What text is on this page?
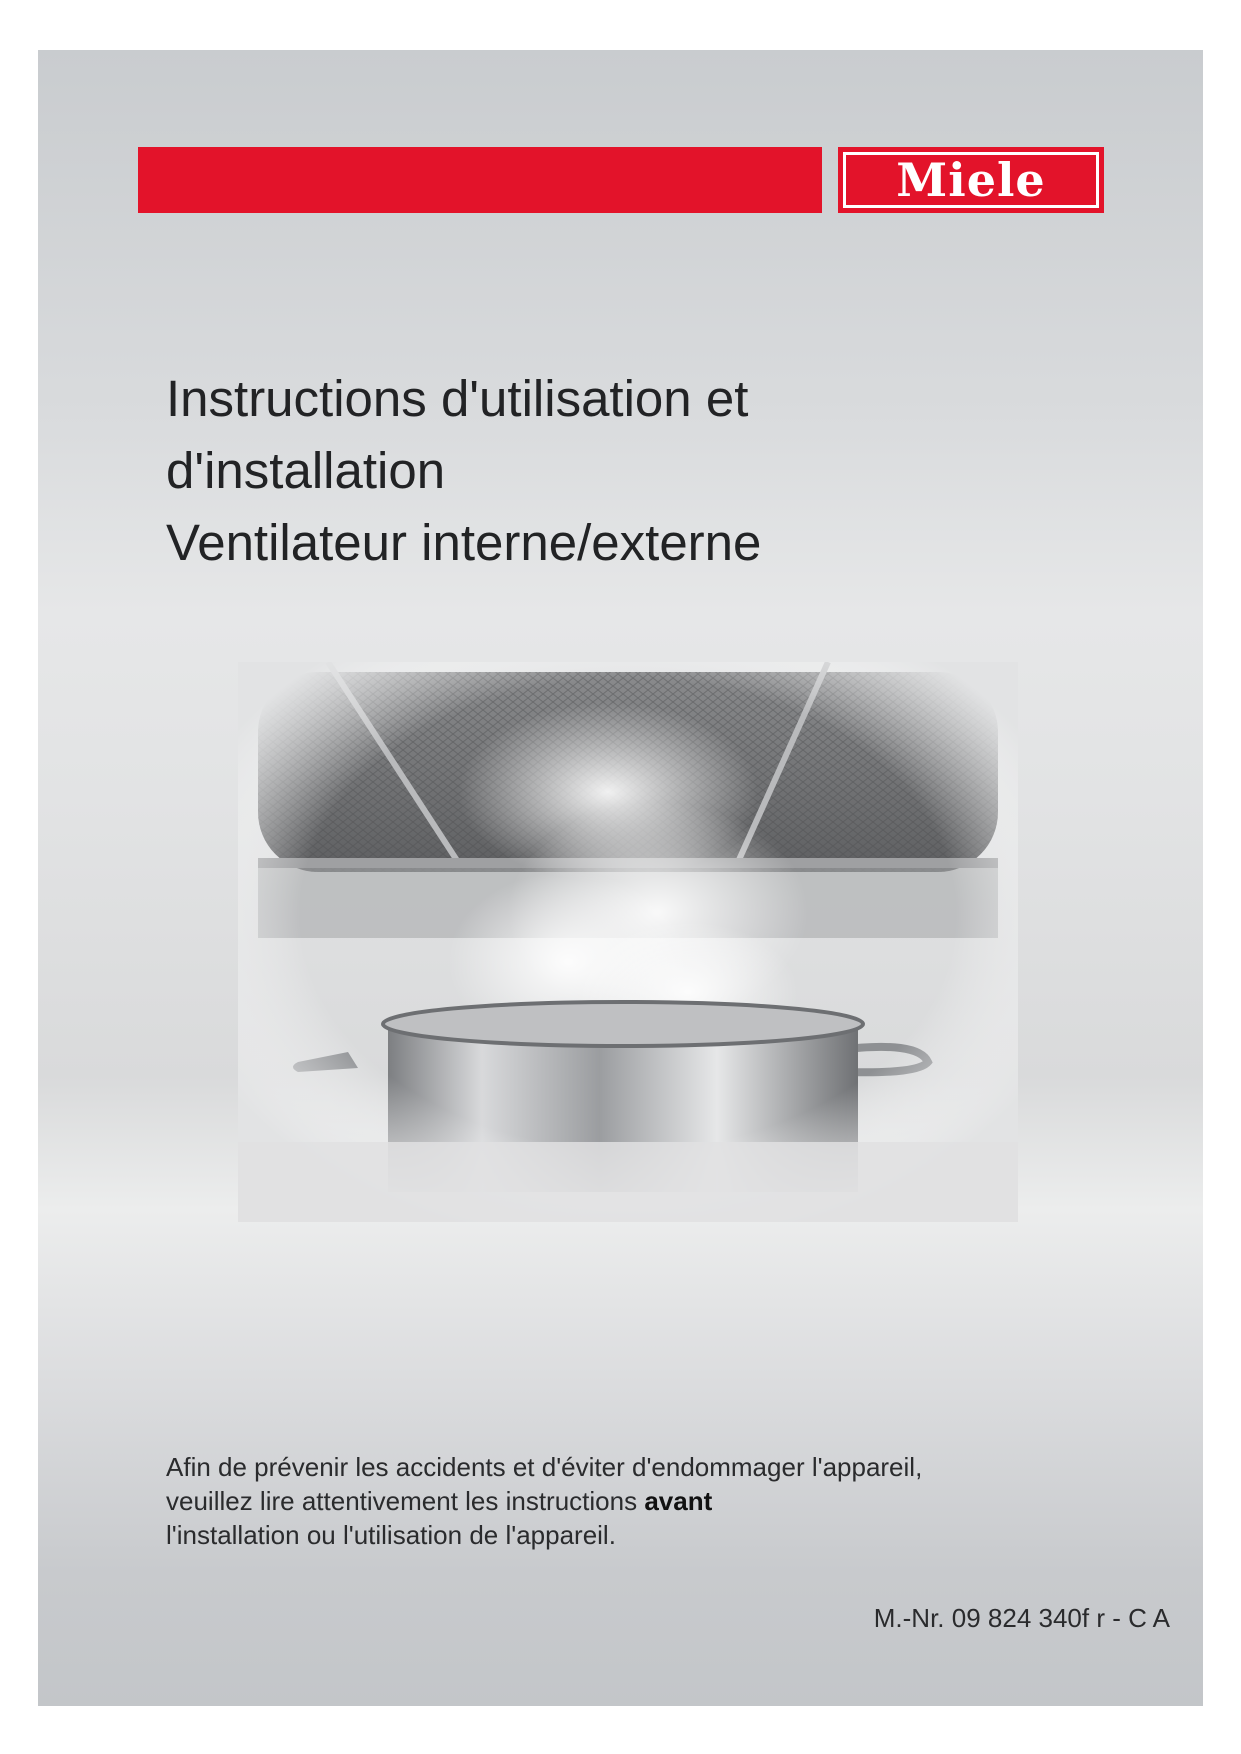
Miele
Instructions d'utilisation et
d'installation
Ventilateur interne/externe

Afin de prévenir les accidents et d'éviter d'endommager l'appareil,
veuillez lire attentivement les instructions avant
l'installation ou l'utilisation de l'appareil.

M.-Nr. 09 824 340f r - C A
